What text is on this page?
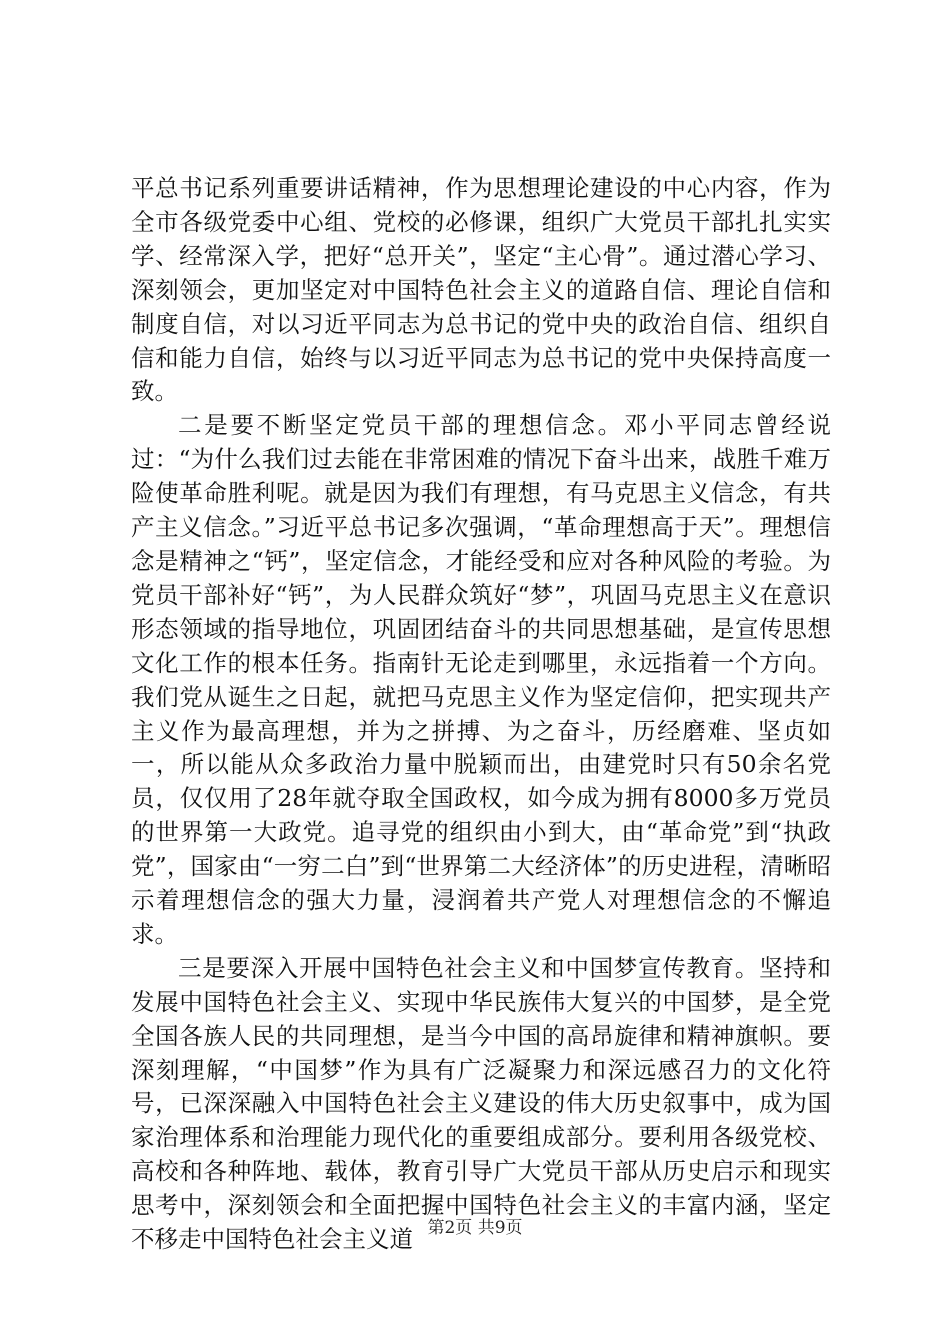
平总书记系列重要讲话精神，作为思想理论建设的中心内容，作为全市各级党委中心组、党校的必修课，组织广大党员干部扎扎实实学、经常深入学，把好“总开关”，坚定“主心骨”。通过潜心学习、深刻领会，更加坚定对中国特色社会主义的道路自信、理论自信和制度自信，对以习近平同志为总书记的党中央的政治自信、组织自信和能力自信，始终与以习近平同志为总书记的党中央保持高度一致。

二是要不断坚定党员干部的理想信念。邓小平同志曾经说过：“为什么我们过去能在非常困难的情况下奋斗出来，战胜千难万险使革命胜利呢。就是因为我们有理想，有马克思主义信念，有共产主义信念。”习近平总书记多次强调，“革命理想高于天”。理想信念是精神之“钙”，坚定信念，才能经受和应对各种风险的考验。为党员干部补好“钙”，为人民群众筑好“梦”，巩固马克思主义在意识形态领域的指导地位，巩固团结奋斗的共同思想基础，是宣传思想文化工作的根本任务。指南针无论走到哪里，永远指着一个方向。我们党从诞生之日起，就把马克思主义作为坚定信仰，把实现共产主义作为最高理想，并为之拼搏、为之奋斗，历经磨难、坚贞如一，所以能从众多政治力量中脱颖而出，由建党时只有50余名党员，仅仅用了28年就夺取全国政权，如今成为拥有8000多万党员的世界第一大政党。追寻党的组织由小到大，由“革命党”到“执政党”，国家由“一穷二白”到“世界第二大经济体”的历史进程，清晰昭示着理想信念的强大力量，浸润着共产党人对理想信念的不懈追求。

三是要深入开展中国特色社会主义和中国梦宣传教育。坚持和发展中国特色社会主义、实现中华民族伟大复兴的中国梦，是全党全国各族人民的共同理想，是当今中国的高昂旋律和精神旗帜。要深刻理解，“中国梦”作为具有广泛凝聚力和深远感召力的文化符号，已深深融入中国特色社会主义建设的伟大历史叙事中，成为国家治理体系和治理能力现代化的重要组成部分。要利用各级党校、高校和各种阵地、载体，教育引导广大党员干部从历史启示和现实思考中，深刻领会和全面把握中国特色社会主义的丰富内涵，坚定不移走中国特色社会主义道 第2页 共9页
